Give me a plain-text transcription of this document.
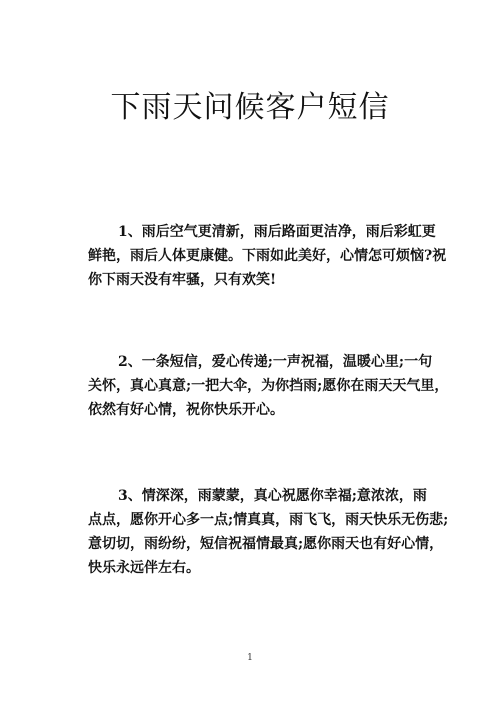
下雨天问候客户短信
1、雨后空气更清新，雨后路面更洁净，雨后彩虹更
鲜艳，雨后人体更康健。下雨如此美好，心情怎可烦恼?祝
你下雨天没有牢骚，只有欢笑!
2、一条短信，爱心传递;一声祝福，温暖心里;一句
关怀，真心真意;一把大伞，为你挡雨;愿你在雨天天气里，
依然有好心情，祝你快乐开心。
3、情深深，雨蒙蒙，真心祝愿你幸福;意浓浓，雨
点点，愿你开心多一点;情真真，雨飞飞，雨天快乐无伤悲;
意切切，雨纷纷，短信祝福情最真;愿你雨天也有好心情，
快乐永远伴左右。
1
